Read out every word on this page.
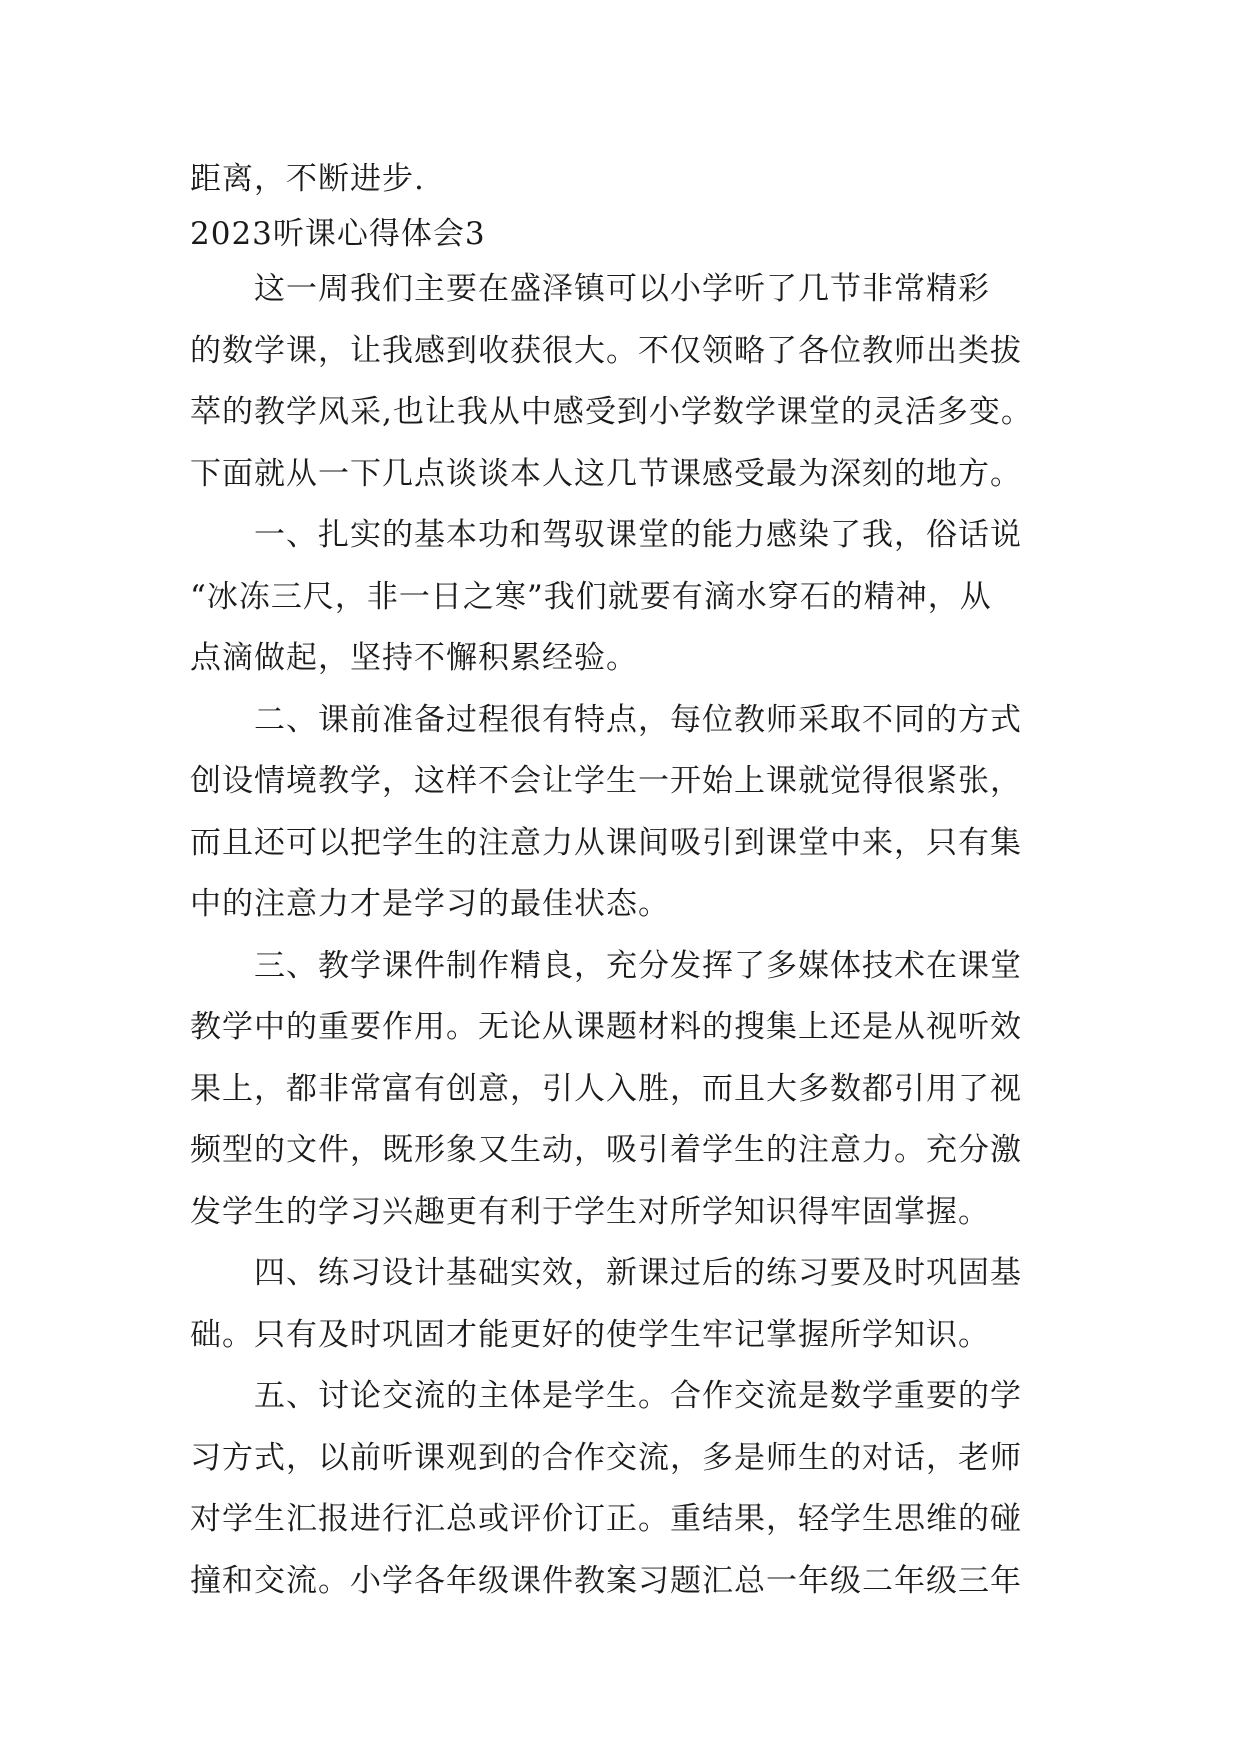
距离，不断进步.
2023听课心得体会3
这一周我们主要在盛泽镇可以小学听了几节非常精彩
的数学课，让我感到收获很大。不仅领略了各位教师出类拔
萃的教学风采,也让我从中感受到小学数学课堂的灵活多变。
下面就从一下几点谈谈本人这几节课感受最为深刻的地方。
一、扎实的基本功和驾驭课堂的能力感染了我，俗话说
“冰冻三尺，非一日之寒”我们就要有滴水穿石的精神，从
点滴做起，坚持不懈积累经验。
二、课前准备过程很有特点，每位教师采取不同的方式
创设情境教学，这样不会让学生一开始上课就觉得很紧张，
而且还可以把学生的注意力从课间吸引到课堂中来，只有集
中的注意力才是学习的最佳状态。
三、教学课件制作精良，充分发挥了多媒体技术在课堂
教学中的重要作用。无论从课题材料的搜集上还是从视听效
果上，都非常富有创意，引人入胜，而且大多数都引用了视
频型的文件，既形象又生动，吸引着学生的注意力。充分激
发学生的学习兴趣更有利于学生对所学知识得牢固掌握。
四、练习设计基础实效，新课过后的练习要及时巩固基
础。只有及时巩固才能更好的使学生牢记掌握所学知识。
五、讨论交流的主体是学生。合作交流是数学重要的学
习方式，以前听课观到的合作交流，多是师生的对话，老师
对学生汇报进行汇总或评价订正。重结果，轻学生思维的碰
撞和交流。小学各年级课件教案习题汇总一年级二年级三年
